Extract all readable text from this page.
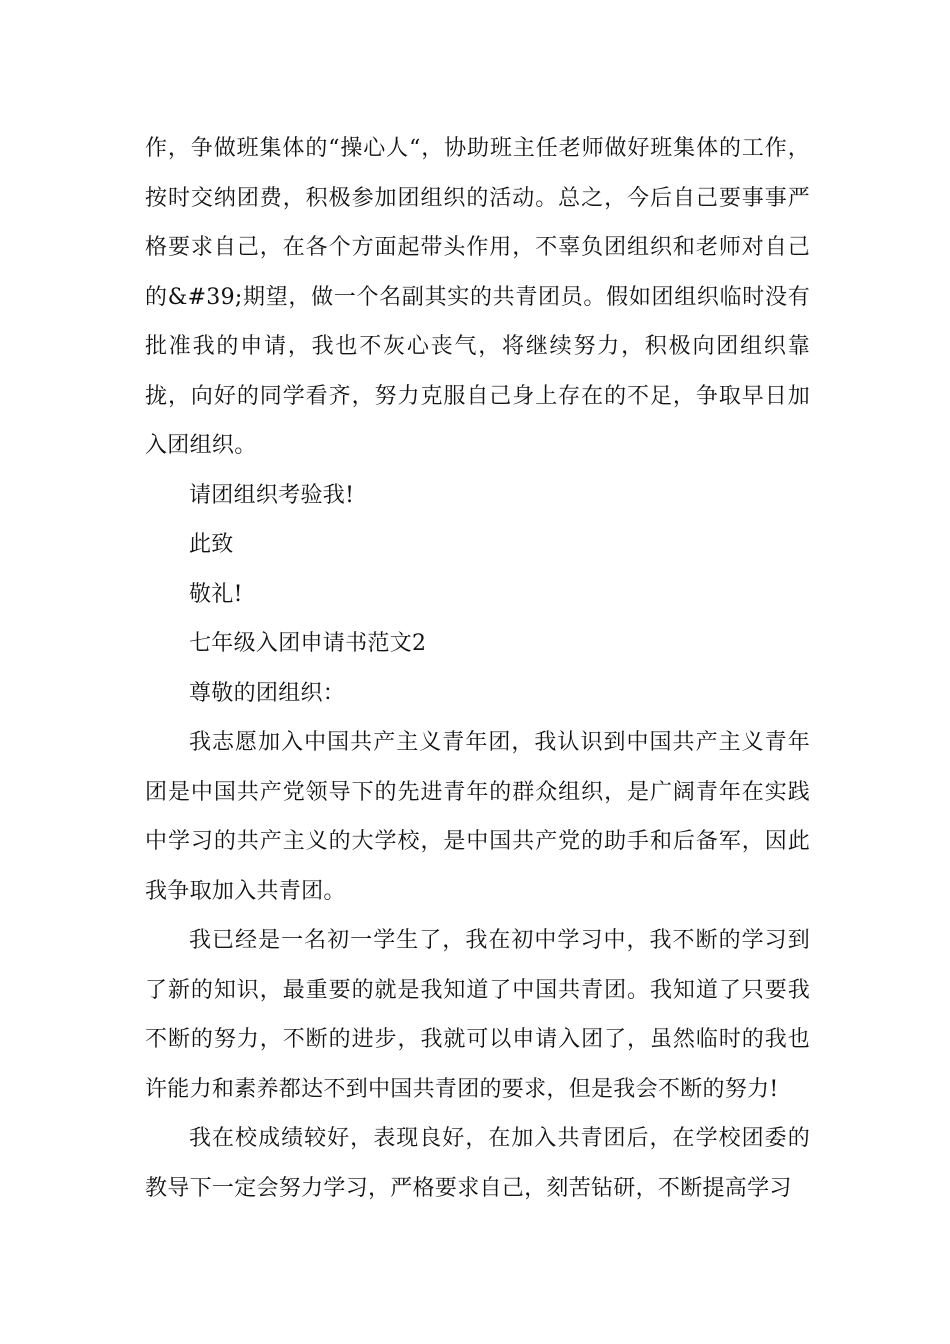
作，争做班集体的“操心人“，协助班主任老师做好班集体的工作，按时交纳团费，积极参加团组织的活动。总之，今后自己要事事严格要求自己，在各个方面起带头作用，不辜负团组织和老师对自己的&#39;期望，做一个名副其实的共青团员。假如团组织临时没有批准我的申请，我也不灰心丧气，将继续努力，积极向团组织靠拢，向好的同学看齐，努力克服自己身上存在的不足，争取早日加入团组织。

请团组织考验我!

此致

敬礼!

七年级入团申请书范文2

尊敬的团组织：

我志愿加入中国共产主义青年团，我认识到中国共产主义青年团是中国共产党领导下的先进青年的群众组织，是广阔青年在实践中学习的共产主义的大学校，是中国共产党的助手和后备军，因此我争取加入共青团。

我已经是一名初一学生了，我在初中学习中，我不断的学习到了新的知识，最重要的就是我知道了中国共青团。我知道了只要我不断的努力，不断的进步，我就可以申请入团了，虽然临时的我也许能力和素养都达不到中国共青团的要求，但是我会不断的努力!

我在校成绩较好，表现良好，在加入共青团后，在学校团委的教导下一定会努力学习，严格要求自己，刻苦钻研，不断提高学习
